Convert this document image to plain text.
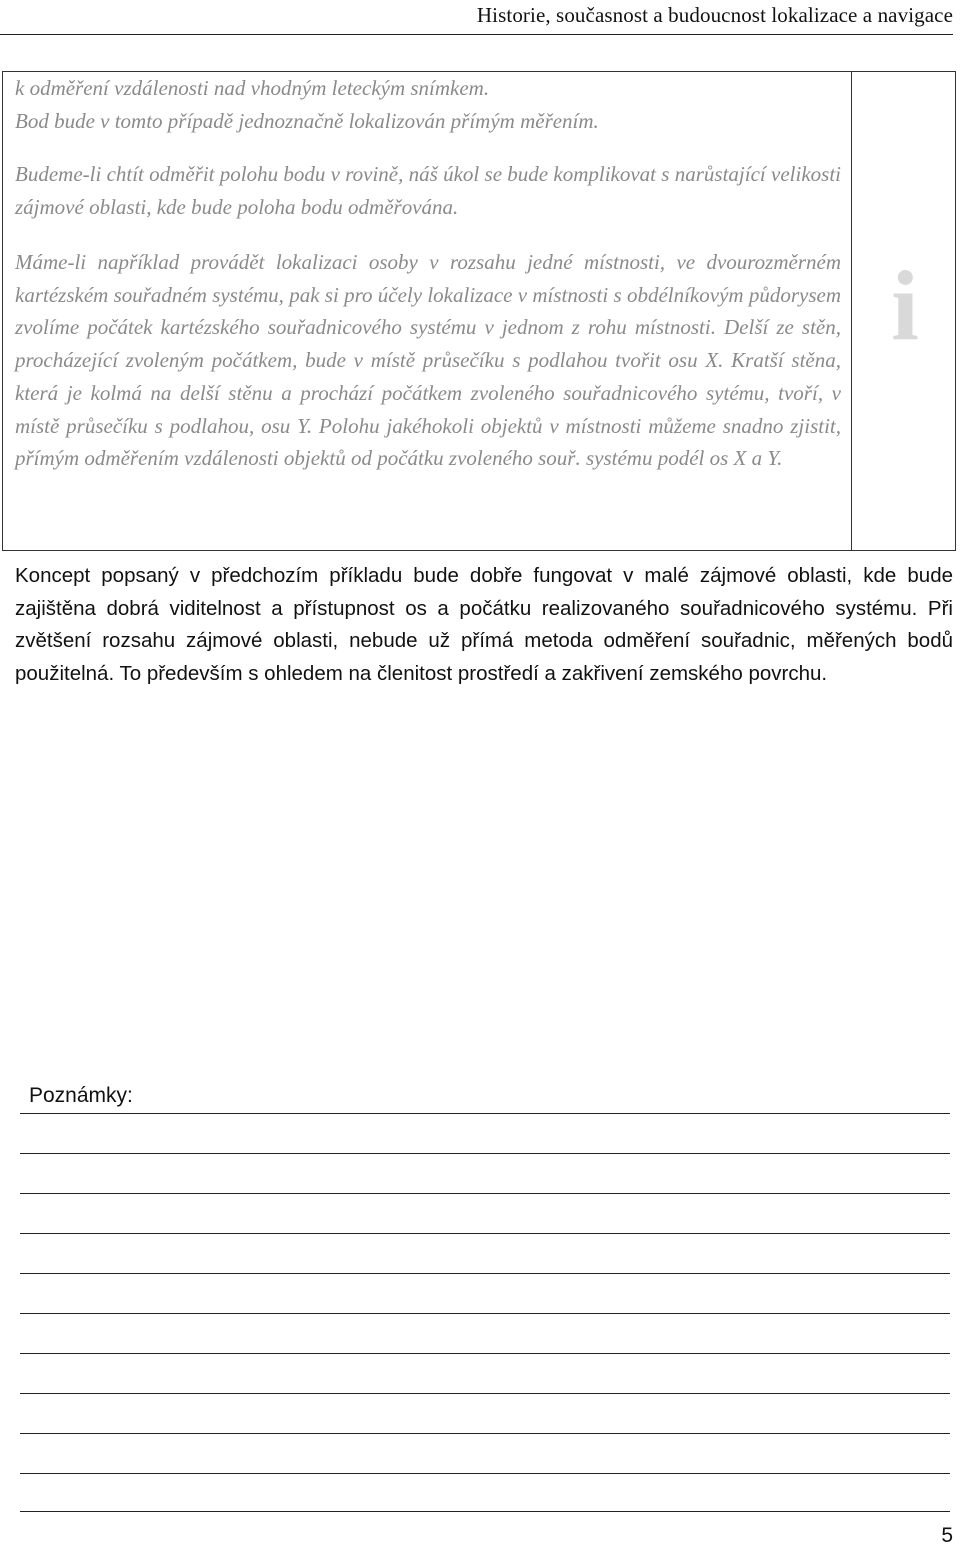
Historie, současnost a budoucnost lokalizace a navigace

k odměření vzdálenosti nad vhodným leteckým snímkem.

Bod bude v tomto případě jednoznačně lokalizován přímým měřením.

Budeme-li chtít odměřit polohu bodu v rovině, náš úkol se bude komplikovat s narůstající velikosti zájmové oblasti, kde bude poloha bodu odměřována.

Máme-li například provádět lokalizaci osoby v rozsahu jedné místnosti, ve dvourozměrném kartézském souřadném systému, pak si pro účely lokalizace v místnosti s obdélníkovým půdorysem zvolíme počátek kartézského souřadnicového systému v jednom z rohu místnosti. Delší ze stěn, procházející zvoleným počátkem, bude v místě průsečíku s podlahou tvořit osu X. Kratší stěna, která je kolmá na delší stěnu a prochází počátkem zvoleného souřadnicového sytému, tvoří, v místě průsečíku s podlahou, osu Y. Polohu jakéhokoli objektů v místnosti můžeme snadno zjistit, přímým odměřením vzdálenosti objektů od počátku zvoleného souř. systému podél os X a Y.

i

Koncept popsaný v předchozím příkladu bude dobře fungovat v malé zájmové oblasti, kde bude zajištěna dobrá viditelnost a přístupnost os a počátku realizovaného souřadnicového systému. Při zvětšení rozsahu zájmové oblasti, nebude už přímá metoda odměření souřadnic, měřených bodů použitelná. To především s ohledem na členitost prostředí a zakřivení zemského povrchu.

Poznámky:
5
